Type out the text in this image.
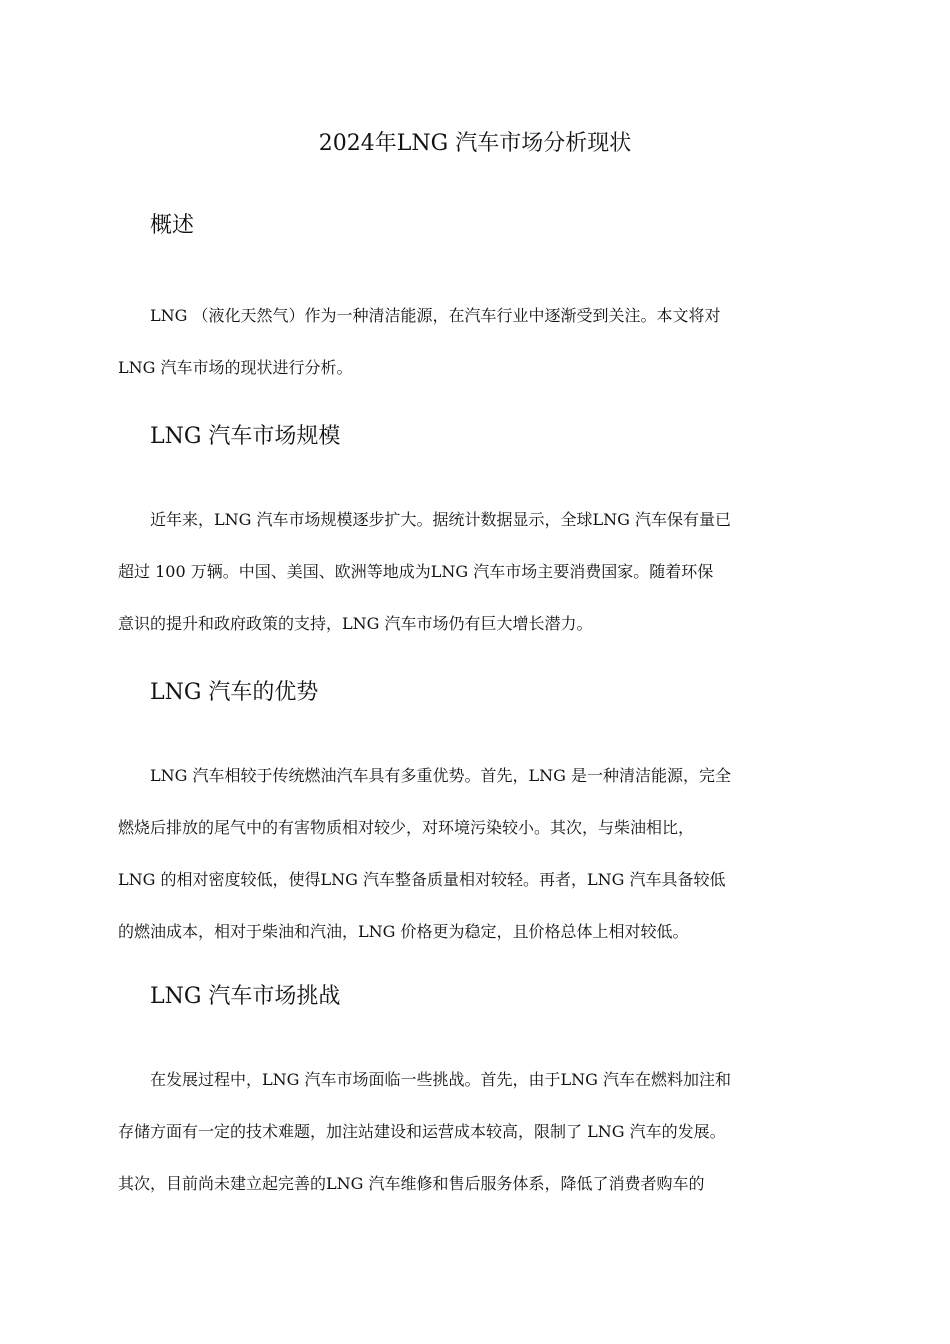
2024年LNG 汽车市场分析现状
概述
LNG （液化天然气）作为一种清洁能源，在汽车行业中逐渐受到关注。本文将对
LNG 汽车市场的现状进行分析。
LNG 汽车市场规模
近年来，LNG 汽车市场规模逐步扩大。据统计数据显示，全球LNG 汽车保有量已
超过 100 万辆。中国、美国、欧洲等地成为LNG 汽车市场主要消费国家。随着环保
意识的提升和政府政策的支持，LNG 汽车市场仍有巨大增长潜力。
LNG 汽车的优势
LNG 汽车相较于传统燃油汽车具有多重优势。首先，LNG 是一种清洁能源，完全
燃烧后排放的尾气中的有害物质相对较少，对环境污染较小。其次，与柴油相比，
LNG 的相对密度较低，使得LNG 汽车整备质量相对较轻。再者，LNG 汽车具备较低
的燃油成本，相对于柴油和汽油，LNG 价格更为稳定，且价格总体上相对较低。
LNG 汽车市场挑战
在发展过程中，LNG 汽车市场面临一些挑战。首先，由于LNG 汽车在燃料加注和
存储方面有一定的技术难题，加注站建设和运营成本较高，限制了 LNG 汽车的发展。
其次，目前尚未建立起完善的LNG 汽车维修和售后服务体系，降低了消费者购车的
